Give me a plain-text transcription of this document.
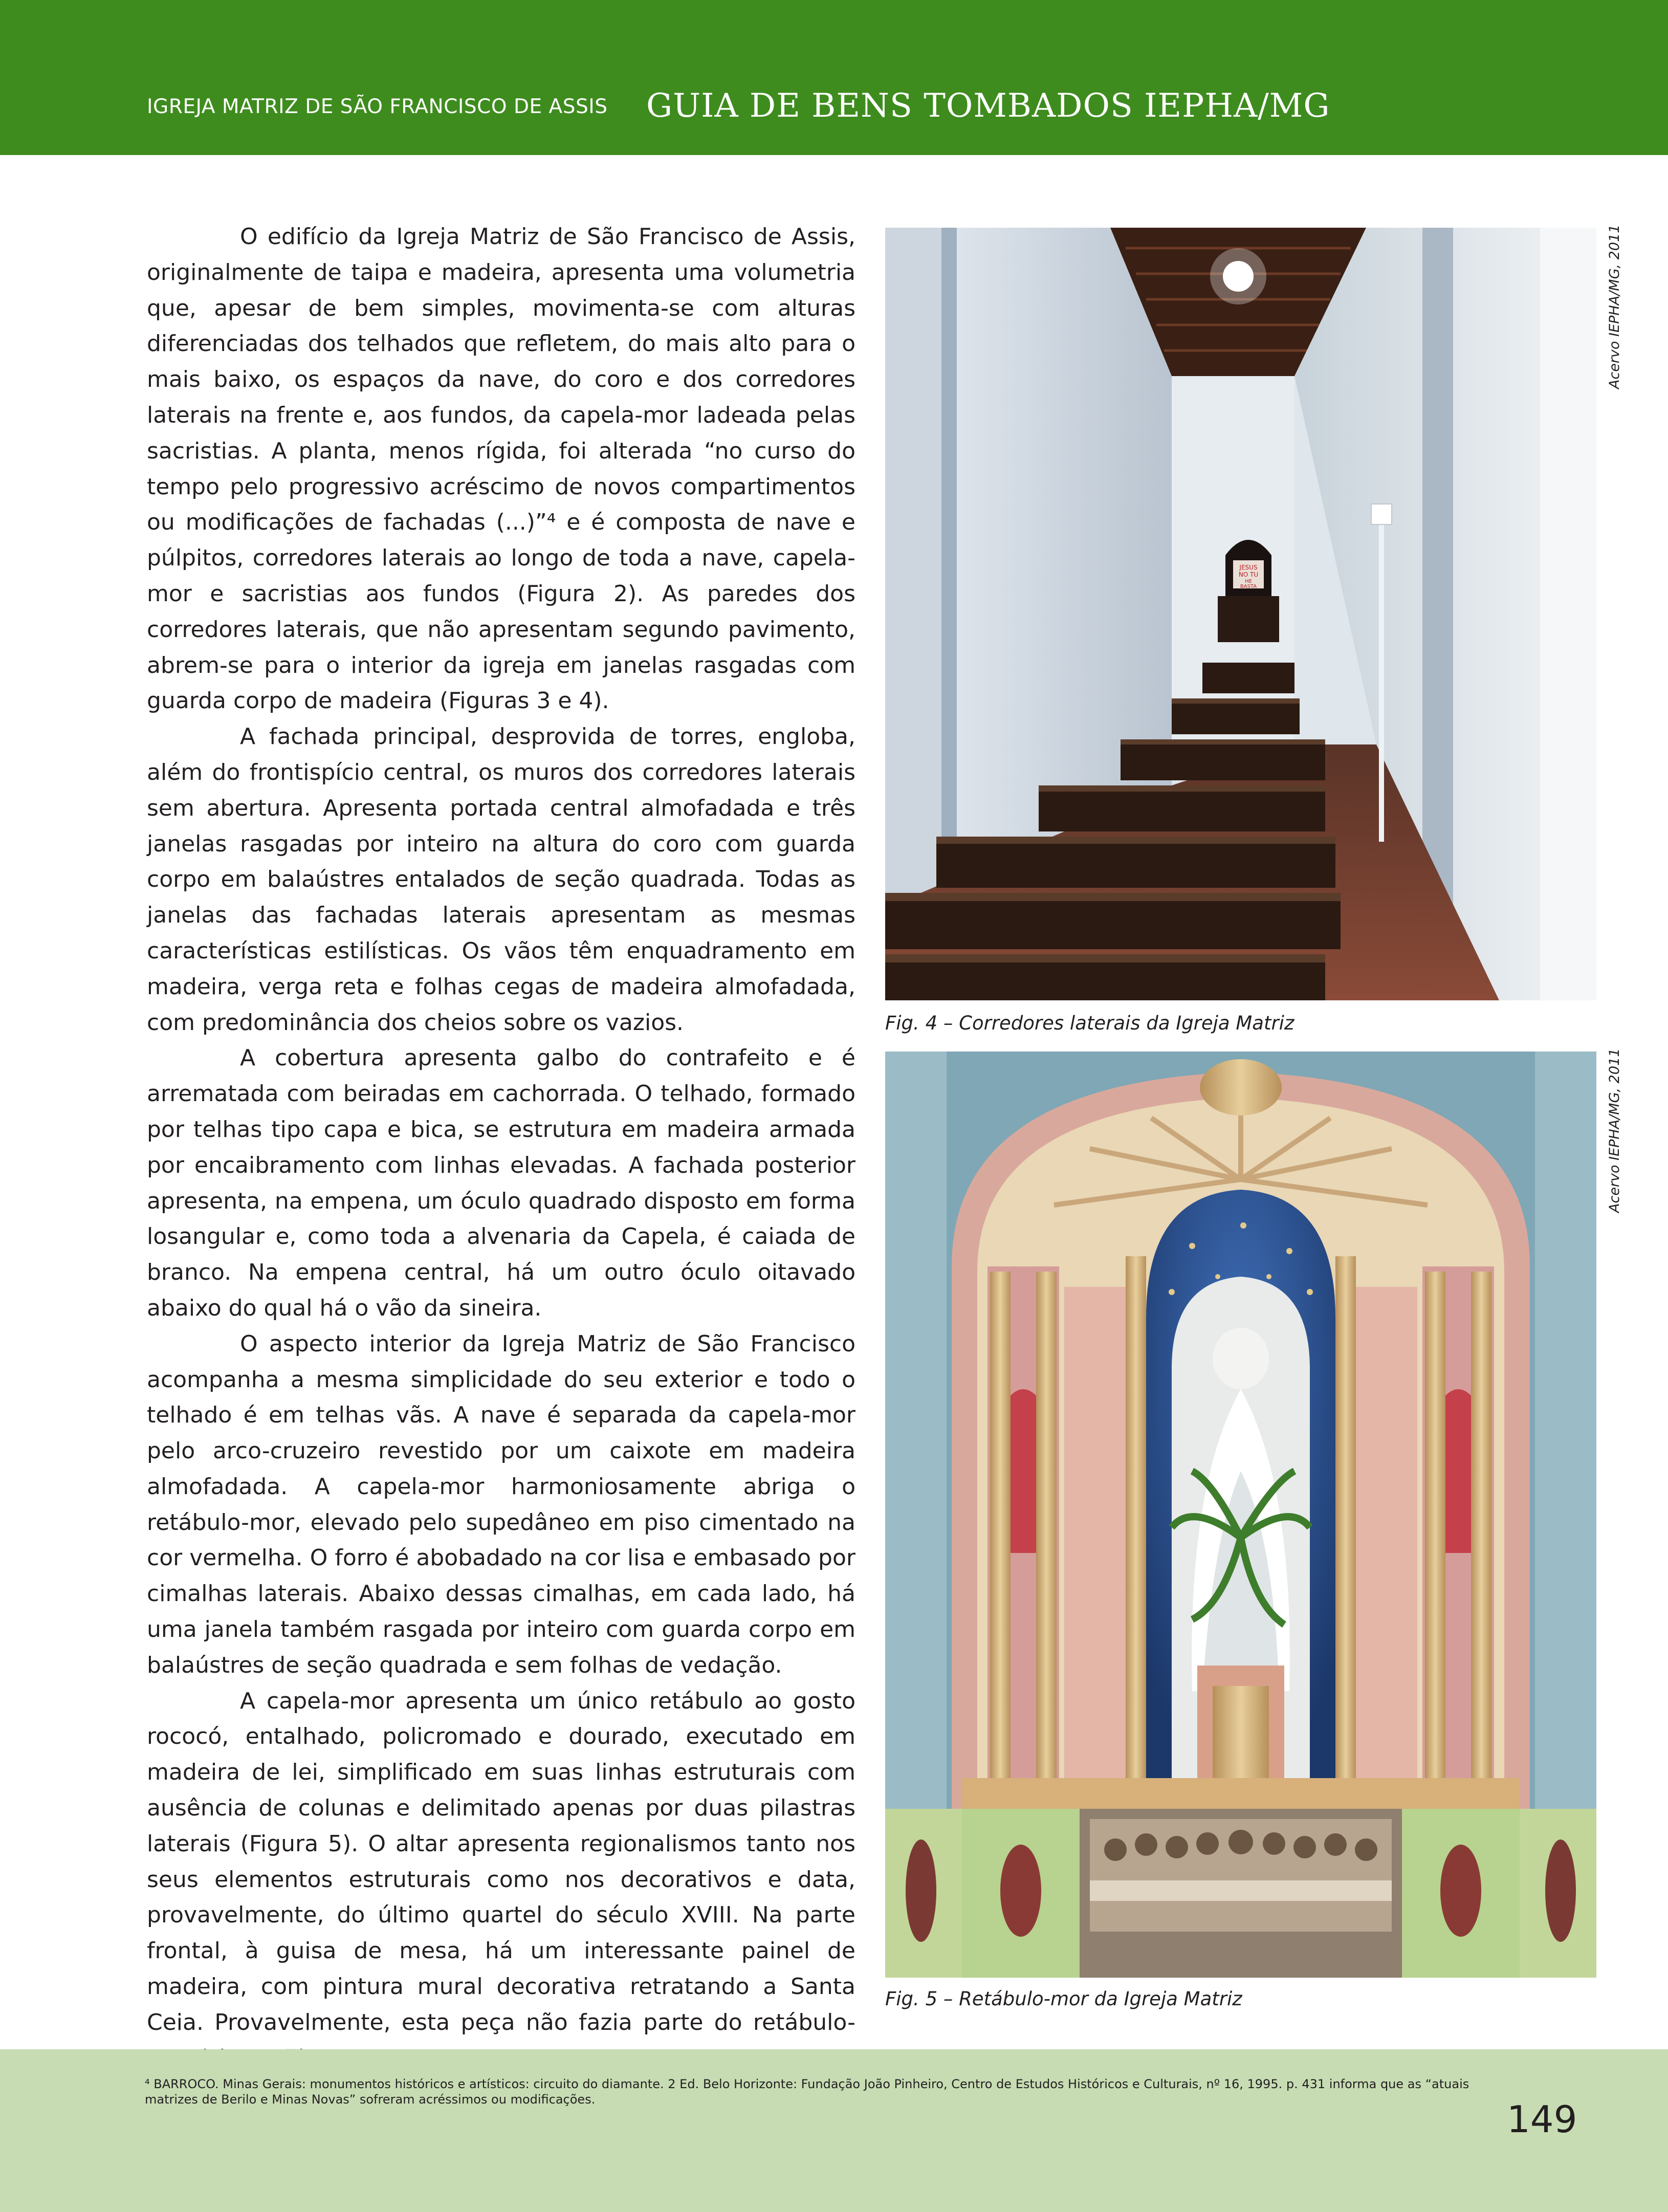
IGREJA MATRIZ DE SÃO FRANCISCO DE ASSIS GUIA DE BENS TOMBADOS IEPHA/MG

O edifício da Igreja Matriz de São Francisco de Assis, originalmente de taipa e madeira, apresenta uma volumetria que, apesar de bem simples, movimenta-se com alturas diferenciadas dos telhados que refletem, do mais alto para o mais baixo, os espaços da nave, do coro e dos corredores laterais na frente e, aos fundos, da capela-mor ladeada pelas sacristias. A planta, menos rígida, foi alterada “no curso do tempo pelo progressivo acréscimo de novos compartimentos ou modificações de fachadas (...)”⁴ e é composta de nave e púlpitos, corredores laterais ao longo de toda a nave, capela-mor e sacristias aos fundos (Figura 2). As paredes dos corredores laterais, que não apresentam segundo pavimento, abrem-se para o interior da igreja em janelas rasgadas com guarda corpo de madeira (Figuras 3 e 4).

A fachada principal, desprovida de torres, engloba, além do frontispício central, os muros dos corredores laterais sem abertura. Apresenta portada central almofadada e três janelas rasgadas por inteiro na altura do coro com guarda corpo em balaústres entalados de seção quadrada. Todas as janelas das fachadas laterais apresentam as mesmas características estilísticas. Os vãos têm enquadramento em madeira, verga reta e folhas cegas de madeira almofadada, com predominância dos cheios sobre os vazios.

A cobertura apresenta galbo do contrafeito e é arrematada com beiradas em cachorrada. O telhado, formado por telhas tipo capa e bica, se estrutura em madeira armada por encaibramento com linhas elevadas. A fachada posterior apresenta, na empena, um óculo quadrado disposto em forma losangular e, como toda a alvenaria da Capela, é caiada de branco. Na empena central, há um outro óculo oitavado abaixo do qual há o vão da sineira.

O aspecto interior da Igreja Matriz de São Francisco acompanha a mesma simplicidade do seu exterior e todo o telhado é em telhas vãs. A nave é separada da capela-mor pelo arco-cruzeiro revestido por um caixote em madeira almofadada. A capela-mor harmoniosamente abriga o retábulo-mor, elevado pelo supedâneo em piso cimentado na cor vermelha. O forro é abobadado na cor lisa e embasado por cimalhas laterais. Abaixo dessas cimalhas, em cada lado, há uma janela também rasgada por inteiro com guarda corpo em balaústres de seção quadrada e sem folhas de vedação.

A capela-mor apresenta um único retábulo ao gosto rococó, entalhado, policromado e dourado, executado em madeira de lei, simplificado em suas linhas estruturais com ausência de colunas e delimitado apenas por duas pilastras laterais (Figura 5). O altar apresenta regionalismos tanto nos seus elementos estruturais como nos decorativos e data, provavelmente, do último quartel do século XVIII. Na parte frontal, à guisa de mesa, há um interessante painel de madeira, com pintura mural decorativa retratando a Santa Ceia. Provavelmente, esta peça não fazia parte do retábulo-

JESUS
NO TU
HE
BASTA
Acervo IEPHA/MG, 2011
Fig. 4 – Corredores laterais da Igreja Matriz
Acervo IEPHA/MG, 2011
Fig. 5 – Retábulo-mor da Igreja Matriz
⁴ BARROCO. Minas Gerais: monumentos históricos e artísticos: circuito do diamante. 2 Ed. Belo Horizonte: Fundação João Pinheiro, Centro de Estudos Históricos e Culturais, nº 16, 1995. p. 431 informa que as “atuais matrizes de Berilo e Minas Novas” sofreram acréssimos ou modificações.	149
